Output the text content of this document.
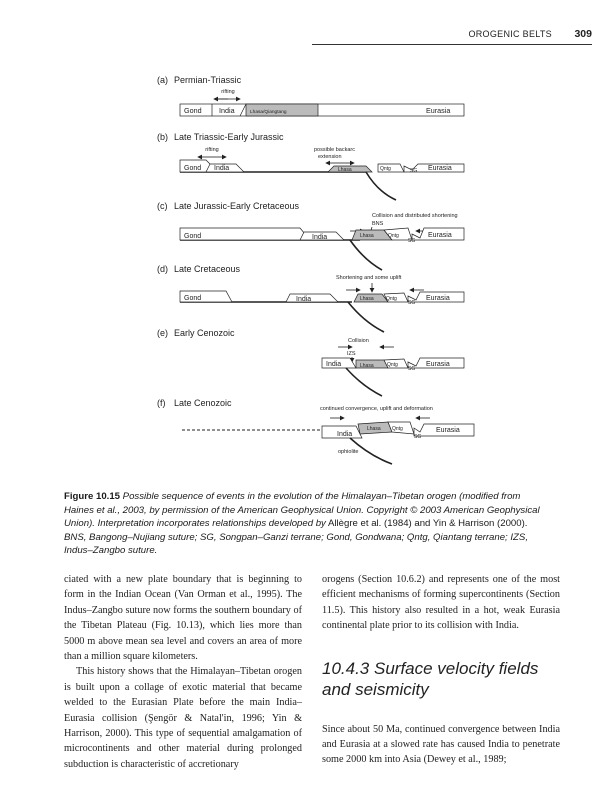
OROGENIC BELTS 309
(a) Permian-Triassic
rifting
Gond India	Lhasa/Qiangtang	Eurasia
(b) Late Triassic-Early Jurassic
rifting	possible backarc
extension
Gond India	Lhasa	Qntg	SG Eurasia
(c) Late Jurassic-Early Cretaceous
Collision and distributed shortening
BNS
Gond	India	Lhasa	Qntg
SG
Eurasia
(d) Late Cretaceous
Shortening and some uplift
Gond	India	Lhasa Qntg
SG
Eurasia
(e) Early Cenozoic
Collision
IZS
India	Lhasa	Qntg
SG
Eurasia
(f) Late Cenozoic
continued convergence, uplift and deformation
India
Lhasa Qntg
SG
Eurasia
ophiolite
Figure 10.15 Possible sequence of events in the evolution of the Himalayan–Tibetan orogen (modified from Haines et al., 2003, by permission of the American Geophysical Union. Copyright © 2003 American Geophysical Union). Interpretation incorporates relationships developed by Allègre et al. (1984) and Yin & Harrison (2000). BNS, Bangong–Nujiang suture; SG, Songpan–Ganzi terrane; Gond, Gondwana; Qntg, Qiantang terrane; IZS, Indus–Zangbo suture.

ciated with a new plate boundary that is beginning to form in the Indian Ocean (Van Orman et al., 1995). The Indus–Zangbo suture now forms the southern boundary of the Tibetan Plateau (Fig. 10.13), which lies more than 5000 m above mean sea level and covers an area of more than a million square kilometers.

This history shows that the Himalayan–Tibetan orogen is built upon a collage of exotic material that became welded to the Eurasian Plate before the main India–Eurasia collision (Şengör & Natal'in, 1996; Yin & Harrison, 2000). This type of sequential amalgamation of microcontinents and other material during prolonged subduction is characteristic of accretionary

orogens (Section 10.6.2) and represents one of the most efficient mechanisms of forming supercontinents (Section 11.5). This history also resulted in a hot, weak Eurasia continental plate prior to its collision with India.

10.4.3 Surface velocity fields and seismicity

Since about 50 Ma, continued convergence between India and Eurasia at a slowed rate has caused India to penetrate some 2000 km into Asia (Dewey et al., 1989;
